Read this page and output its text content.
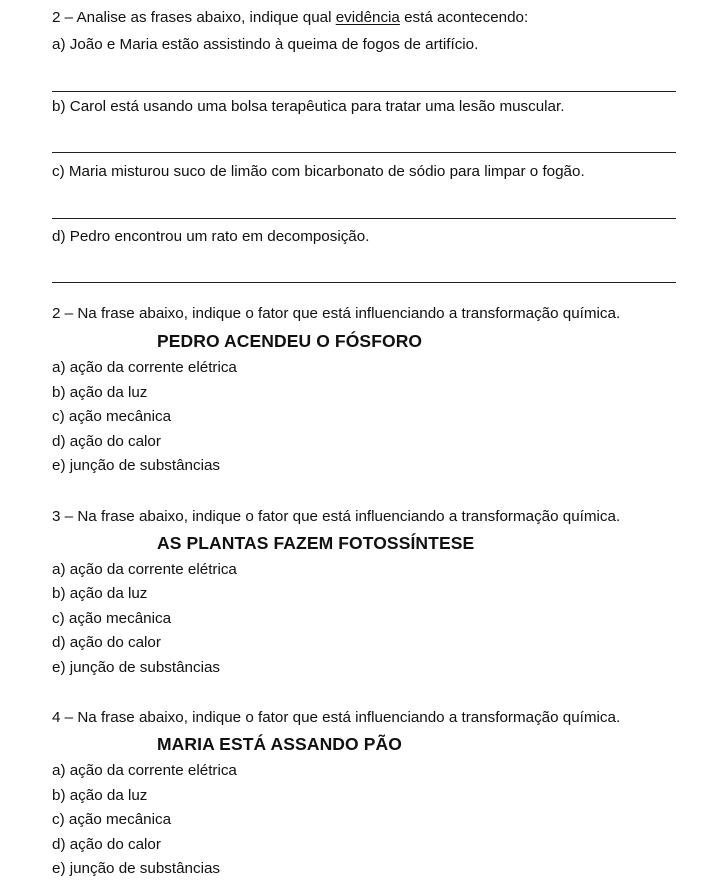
2 – Analise as frases abaixo, indique qual evidência está acontecendo:
a) João e Maria estão assistindo à queima de fogos de artifício.
b) Carol está usando uma bolsa terapêutica para tratar uma lesão muscular.
c) Maria misturou suco de limão com bicarbonato de sódio para limpar o fogão.
d) Pedro encontrou um rato em decomposição.
2 – Na frase abaixo, indique o fator que está influenciando a transformação química.
PEDRO ACENDEU O FÓSFORO
a) ação da corrente elétrica
b) ação da luz
c) ação mecânica
d) ação do calor
e) junção de substâncias
3 – Na frase abaixo, indique o fator que está influenciando a transformação química.
AS PLANTAS FAZEM FOTOSSÍNTESE
a) ação da corrente elétrica
b) ação da luz
c) ação mecânica
d) ação do calor
e) junção de substâncias
4 – Na frase abaixo, indique o fator que está influenciando a transformação química.
MARIA ESTÁ ASSANDO PÃO
a) ação da corrente elétrica
b) ação da luz
c) ação mecânica
d) ação do calor
e) junção de substâncias
